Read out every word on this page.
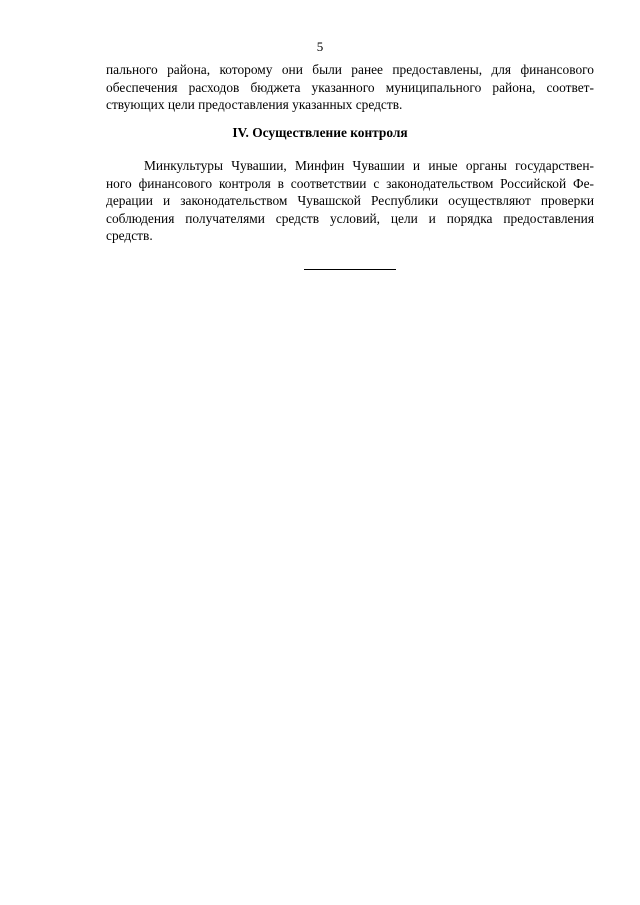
5
пального района, которому они были ранее предоставлены, для финансового
обеспечения расходов бюджета указанного муниципального района, соответ-
ствующих цели предоставления указанных средств.
IV. Осуществление контроля
Минкультуры Чувашии, Минфин Чувашии и иные органы государствен-
ного финансового контроля в соответствии с законодательством Российской Фе-
дерации и законодательством Чувашской Республики осуществляют проверки
соблюдения получателями средств условий, цели и порядка предоставления
средств.
